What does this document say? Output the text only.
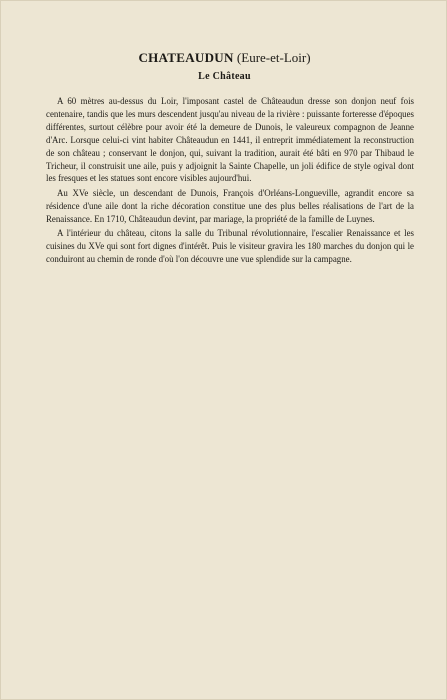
CHATEAUDUN (Eure-et-Loir)
Le Château

A 60 mètres au-dessus du Loir, l'imposant castel de Châteaudun dresse son donjon neuf fois centenaire, tandis que les murs descendent jusqu'au niveau de la rivière : puissante forteresse d'époques différentes, surtout célèbre pour avoir été la demeure de Dunois, le valeureux compagnon de Jeanne d'Arc. Lorsque celui-ci vint habiter Châteaudun en 1441, il entreprit immédiatement la reconstruction de son château ; conservant le donjon, qui, suivant la tradition, aurait été bâti en 970 par Thibaud le Tricheur, il construisit une aile, puis y adjoignit la Sainte Chapelle, un joli édifice de style ogival dont les fresques et les statues sont encore visibles aujourd'hui.

Au XVe siècle, un descendant de Dunois, François d'Orléans-Longueville, agrandit encore sa résidence d'une aile dont la riche décoration constitue une des plus belles réalisations de l'art de la Renaissance. En 1710, Châteaudun devint, par mariage, la propriété de la famille de Luynes.

A l'intérieur du château, citons la salle du Tribunal révolutionnaire, l'escalier Renaissance et les cuisines du XVe qui sont fort dignes d'intérêt. Puis le visiteur gravira les 180 marches du donjon qui le conduiront au chemin de ronde d'où l'on découvre une vue splendide sur la campagne.
